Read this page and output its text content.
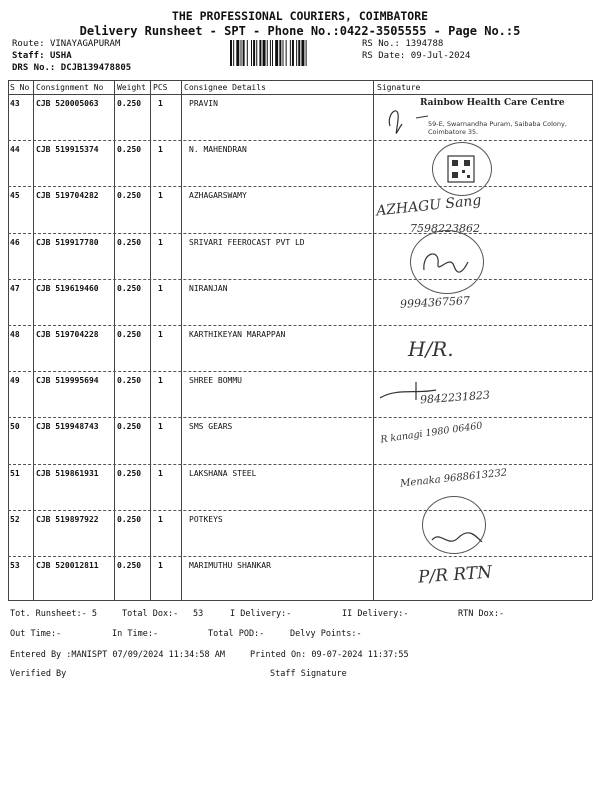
THE PROFESSIONAL COURIERS, COIMBATORE
Delivery Runsheet - SPT - Phone No.:0422-3505555 - Page No.:5
Route: VINAYAGAPURAM
Staff: USHA
DRS No.: DCJB139478805
RS No.: 1394788
RS Date: 09-Jul-2024
S No Consignment No Weight PCS Consignee Details	Signature
43 CJB 520005063 0.250 1	PRAVIN
44 CJB 519915374 0.250 1	N. MAHENDRAN
45 CJB 519704282 0.250 1	AZHAGARSWAMY
46 CJB 519917780 0.250 1	SRIVARI FEEROCAST PVT LD
47 CJB 519619460 0.250 1	NIRANJAN
48 CJB 519704228 0.250 1	KARTHIKEYAN MARAPPAN
49 CJB 519995694 0.250 1	SHREE BOMMU
50 CJB 519948743 0.250 1	SMS GEARS
51 CJB 519861931 0.250 1	LAKSHANA STEEL
52 CJB 519897922 0.250 1	POTKEYS
53 CJB 520012811 0.250 1	MARIMUTHU SHANKAR
Rainbow Health Care Centre
59-E, Swarnandha Puram, Saibaba Colony, Coimbatore 35.
AZHAGU Sang
7598223862
9994367567
H/R.
9842231823
R kanagi 1980 06460
Menaka 9688613232
P/R RTN
Tot. Runsheet:- 5	Total Dox:- 53	I Delivery:-	II Delivery:-	RTN Dox:-
Out Time:-	In Time:-	Total POD:-	Delvy Points:-
Entered By :MANISPT 07/09/2024 11:34:58 AM	Printed On: 09-07-2024 11:37:55
Verified By	Staff Signature
